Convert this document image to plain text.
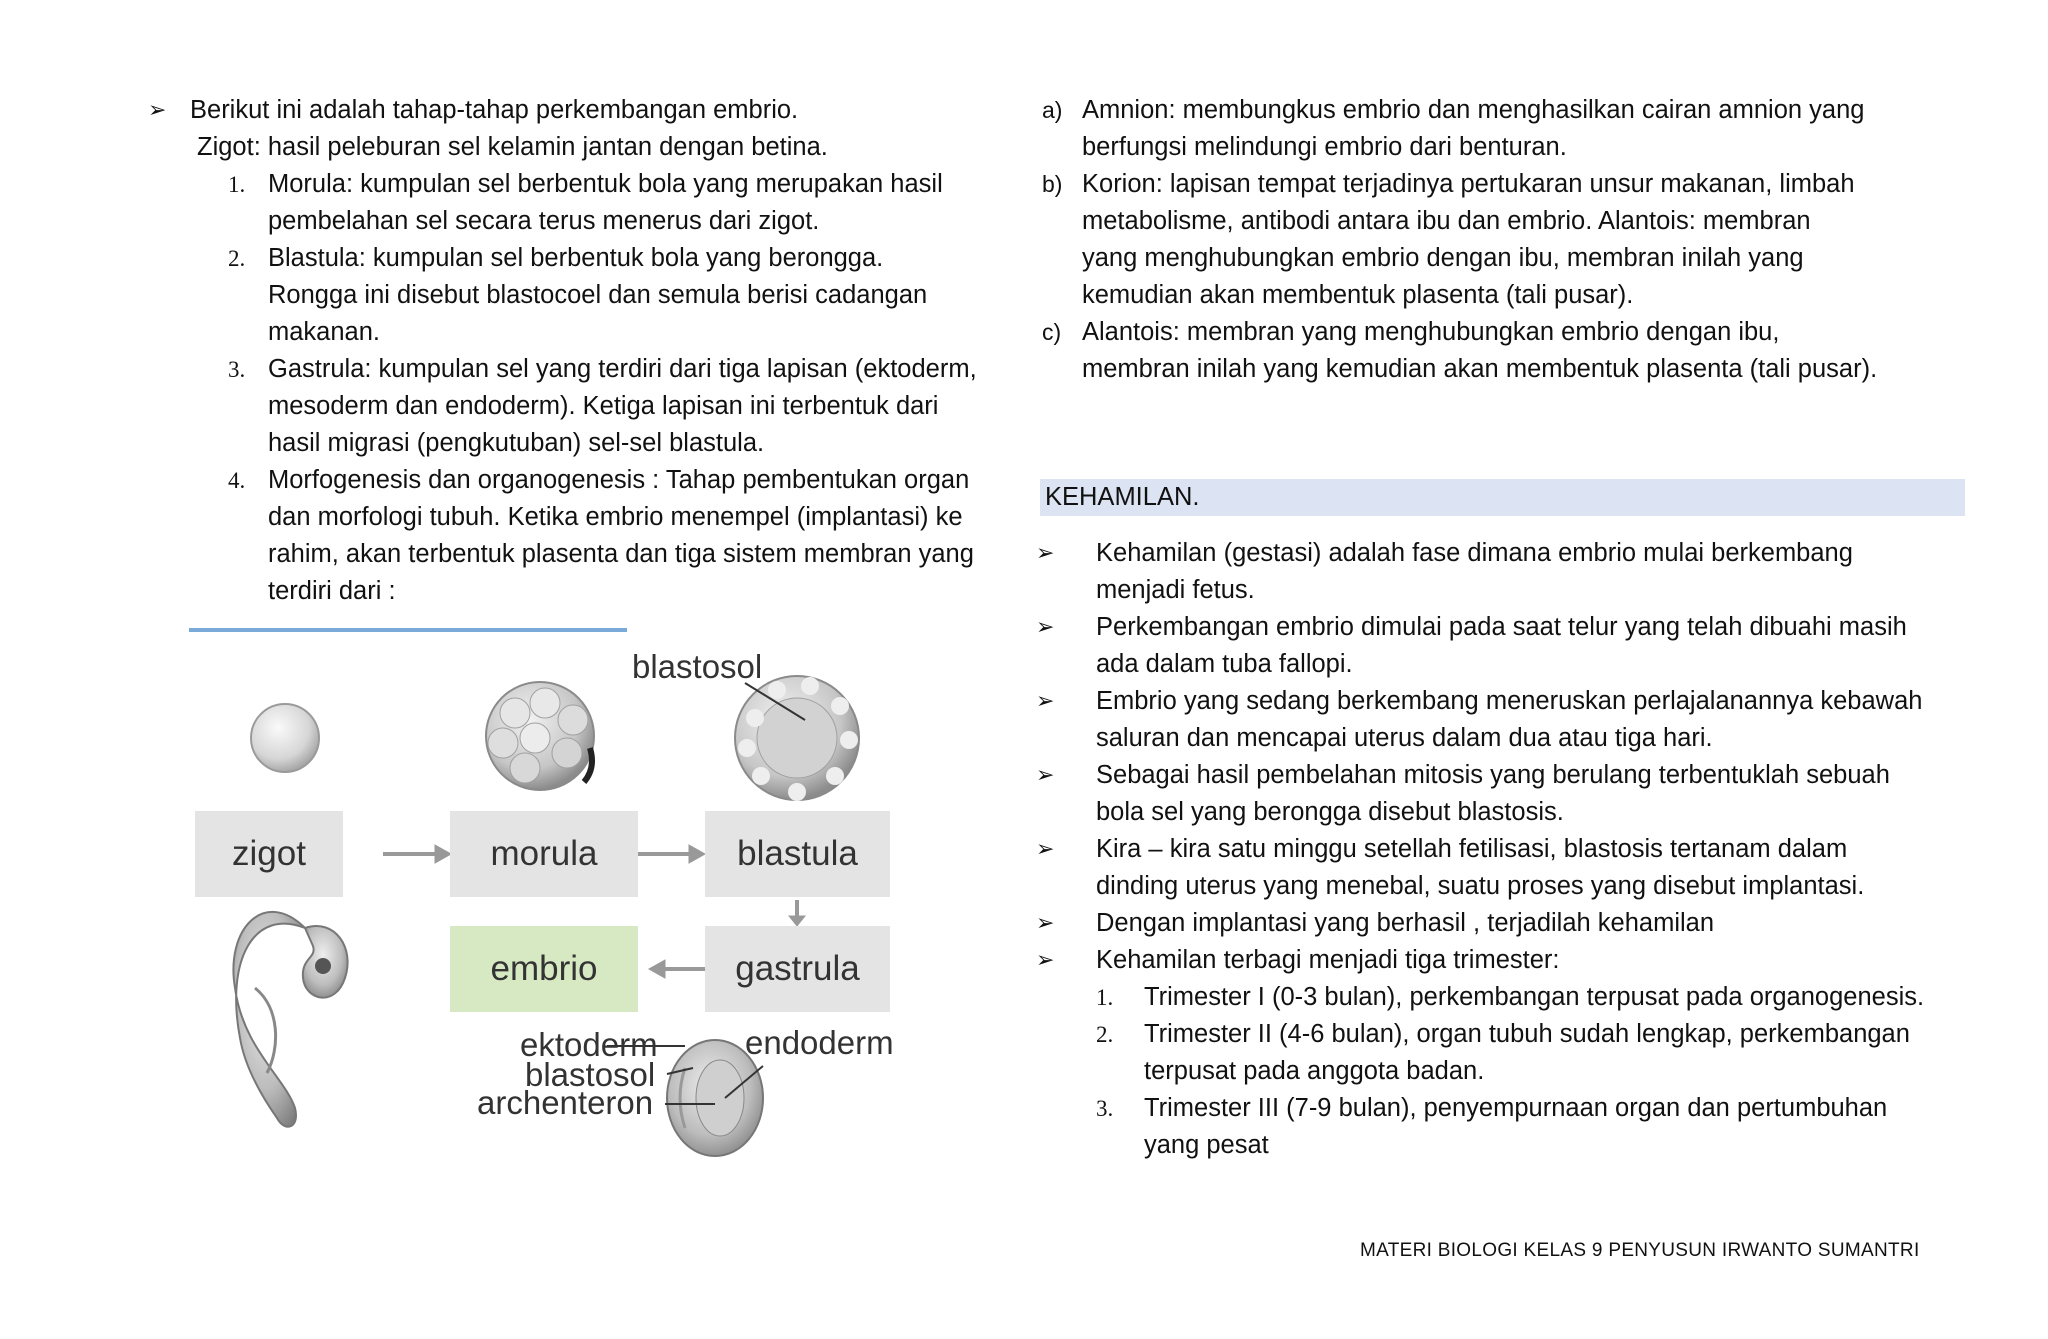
➢ Berikut ini adalah tahap-tahap perkembangan embrio.
Zigot: hasil peleburan sel kelamin jantan dengan betina.
1. Morula: kumpulan sel berbentuk bola yang merupakan hasil
pembelahan sel secara terus menerus dari zigot.
2. Blastula: kumpulan sel berbentuk bola yang berongga.
Rongga ini disebut blastocoel dan semula berisi cadangan
makanan.
3. Gastrula: kumpulan sel yang terdiri dari tiga lapisan (ektoderm,
mesoderm dan endoderm). Ketiga lapisan ini terbentuk dari
hasil migrasi (pengkutuban) sel-sel blastula.
4. Morfogenesis dan organogenesis : Tahap pembentukan organ
dan morfologi tubuh. Ketika embrio menempel (implantasi) ke
rahim, akan terbentuk plasenta dan tiga sistem membran yang
terdiri dari :
zigot	morula	blastula
embrio	gastrula
blastosol
ektoderm	endoderm
blastosol
archenteron
a) Amnion: membungkus embrio dan menghasilkan cairan amnion yang
berfungsi melindungi embrio dari benturan.
b) Korion: lapisan tempat terjadinya pertukaran unsur makanan, limbah
metabolisme, antibodi antara ibu dan embrio. Alantois: membran
yang menghubungkan embrio dengan ibu, membran inilah yang
kemudian akan membentuk plasenta (tali pusar).
c) Alantois: membran yang menghubungkan embrio dengan ibu,
membran inilah yang kemudian akan membentuk plasenta (tali pusar).
KEHAMILAN.
➢ Kehamilan (gestasi) adalah fase dimana embrio mulai berkembang
menjadi fetus.
➢ Perkembangan embrio dimulai pada saat telur yang telah dibuahi masih
ada dalam tuba fallopi.
➢ Embrio yang sedang berkembang meneruskan perlajalanannya kebawah
saluran dan mencapai uterus dalam dua atau tiga hari.
➢ Sebagai hasil pembelahan mitosis yang berulang terbentuklah sebuah
bola sel yang berongga disebut blastosis.
➢ Kira – kira satu minggu setellah fetilisasi, blastosis tertanam dalam
dinding uterus yang menebal, suatu proses yang disebut implantasi.
➢ Dengan implantasi yang berhasil , terjadilah kehamilan
➢ Kehamilan terbagi menjadi tiga trimester:
1. Trimester I (0-3 bulan), perkembangan terpusat pada organogenesis.
2. Trimester II (4-6 bulan), organ tubuh sudah lengkap, perkembangan
terpusat pada anggota badan.
3. Trimester III (7-9 bulan), penyempurnaan organ dan pertumbuhan
yang pesat
MATERI BIOLOGI KELAS 9 PENYUSUN IRWANTO SUMANTRI
